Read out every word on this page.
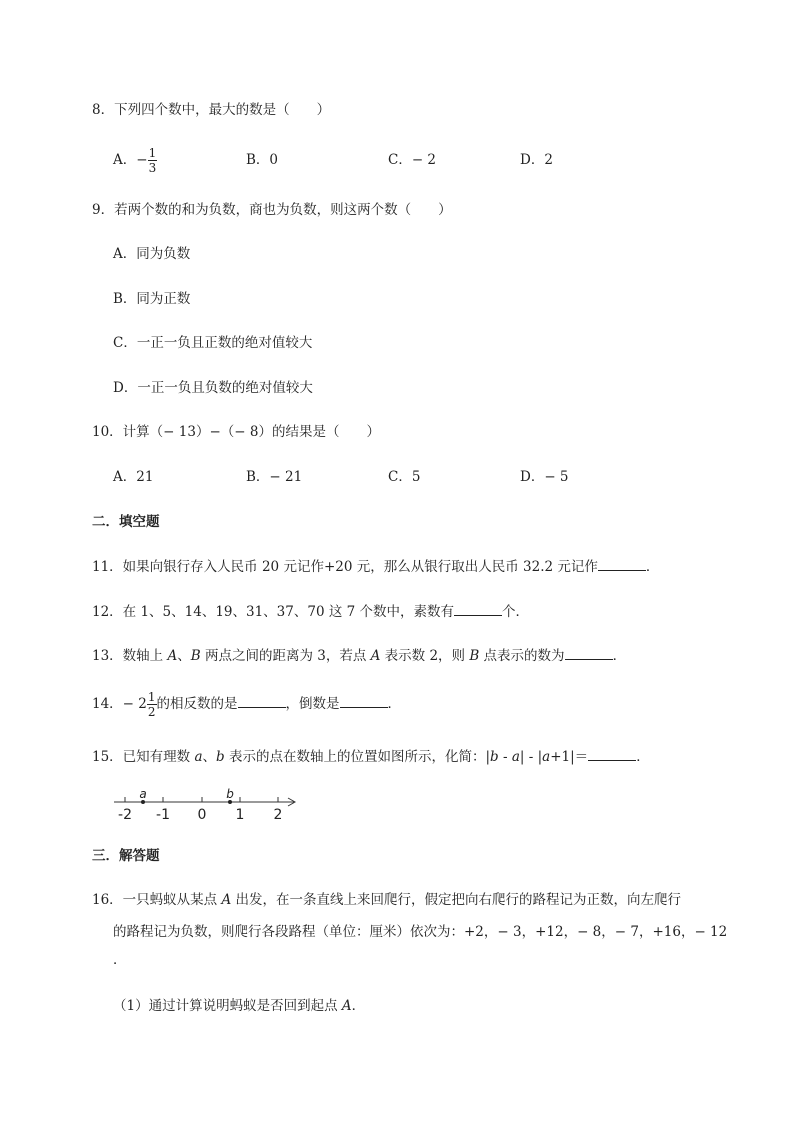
8．下列四个数中，最大的数是（　　）
A．− $\frac{1}{3}$	B．0	C．− 2	D．2
9．若两个数的和为负数，商也为负数，则这两个数（　　）
A．同为负数
B．同为正数
C．一正一负且正数的绝对值较大
D．一正一负且负数的绝对值较大
10．计算（− 13）−（− 8）的结果是（　　）
A．21	B．− 21	C．5	D．− 5
二．填空题
11．如果向银行存入人民币 20 元记作+20 元，那么从银行取出人民币 32.2 元记作	．
12．在 1、5、14、19、31、37、70 这 7 个数中，素数有	个．
13．数轴上 A、B 两点之间的距离为 3，若点 A 表示数 2，则 B 点表示的数为	．
14．− $2 \frac{1}{2}$ 的相反数的是	，倒数是	．
15．已知有理数 a、b 表示的点在数轴上的位置如图所示，化简：|b - a| - |a+1|＝	．
a	b
-2 -1 0 1 2
三．解答题
16．一只蚂蚁从某点 A 出发，在一条直线上来回爬行，假定把向右爬行的路程记为正数，向左爬行
的路程记为负数，则爬行各段路程（单位：厘米）依次为：+2，− 3，+12，− 8，− 7，+16，− 12
．
（1）通过计算说明蚂蚁是否回到起点 A．
